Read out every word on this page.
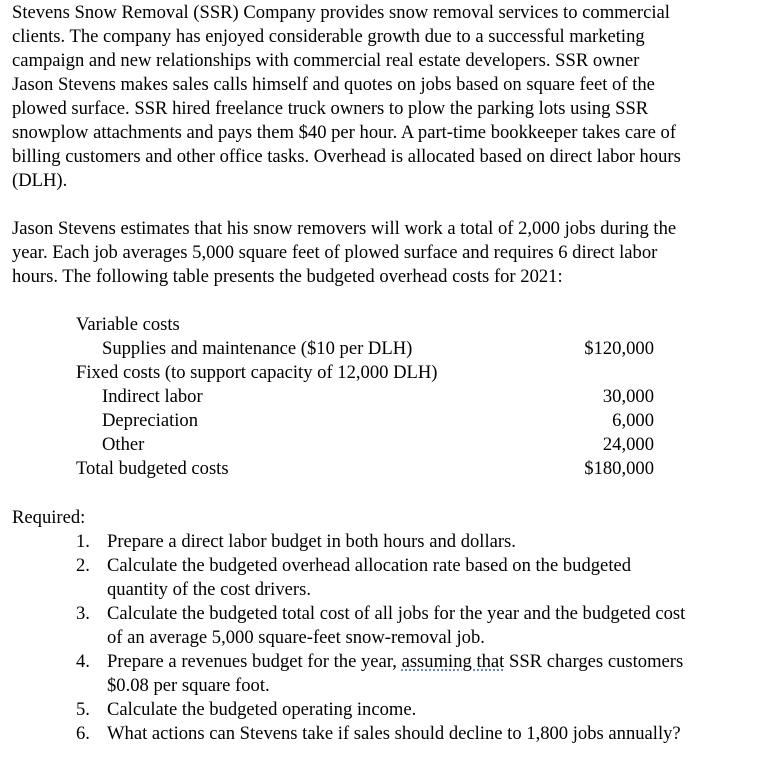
Stevens Snow Removal (SSR) Company provides snow removal services to commercial

clients. The company has enjoyed considerable growth due to a successful marketing

campaign and new relationships with commercial real estate developers. SSR owner

Jason Stevens makes sales calls himself and quotes on jobs based on square feet of the

plowed surface. SSR hired freelance truck owners to plow the parking lots using SSR

snowplow attachments and pays them $40 per hour. A part-time bookkeeper takes care of

billing customers and other office tasks. Overhead is allocated based on direct labor hours

(DLH).

Jason Stevens estimates that his snow removers will work a total of 2,000 jobs during the

year. Each job averages 5,000 square feet of plowed surface and requires 6 direct labor

hours. The following table presents the budgeted overhead costs for 2021:

Variable costs
Supplies and maintenance ($10 per DLH)	$120,000
Fixed costs (to support capacity of 12,000 DLH)
Indirect labor	30,000
Depreciation	6,000
Other	24,000
Total budgeted costs	$180,000
Required:
1. Prepare a direct labor budget in both hours and dollars.
2. Calculate the budgeted overhead allocation rate based on the budgeted
quantity of the cost drivers.
3. Calculate the budgeted total cost of all jobs for the year and the budgeted cost
of an average 5,000 square-feet snow-removal job.
4. Prepare a revenues budget for the year, assuming that SSR charges customers
$0.08 per square foot.
5. Calculate the budgeted operating income.
6. What actions can Stevens take if sales should decline to 1,800 jobs annually?
